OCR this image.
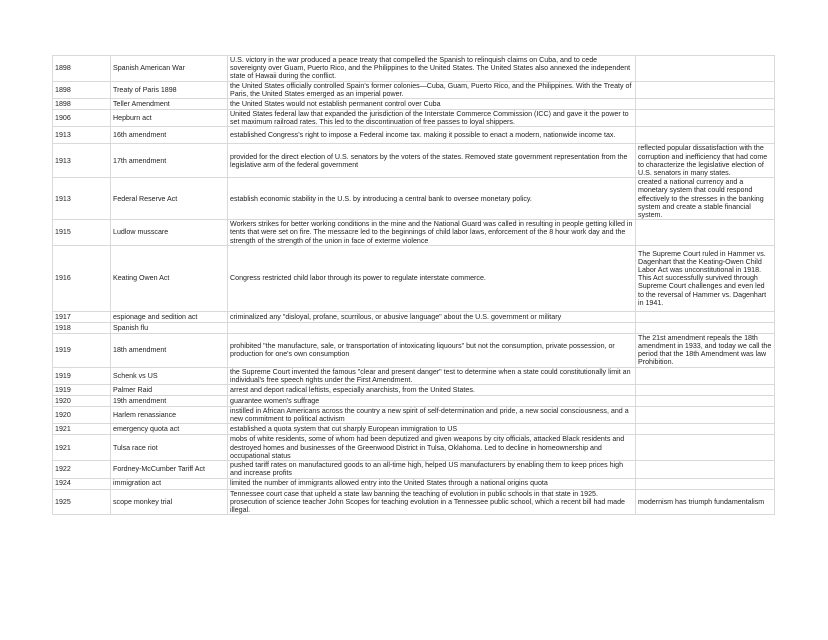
1898	Spanish American War	U.S. victory in the war produced a peace treaty that compelled the Spanish to relinquish claims on Cuba, and to cede sovereignty over Guam, Puerto Rico, and the Philippines to the United States. The United States also annexed the independent state of Hawaii during the conflict.	
1898	Treaty of Paris 1898	the United States officially controlled Spain's former colonies—Cuba, Guam, Puerto Rico, and the Philippines. With the Treaty of Paris, the United States emerged as an imperial power.	
1898	Teller Amendment	the United States would not establish permanent control over Cuba	
1906	Hepburn act	United States federal law that expanded the jurisdiction of the Interstate Commerce Commission (ICC) and gave it the power to set maximum railroad rates. This led to the discontinuation of free passes to loyal shippers.	
1913	16th amendment	established Congress's right to impose a Federal income tax. making it possible to enact a modern, nationwide income tax.	
1913	17th amendment	provided for the direct election of U.S. senators by the voters of the states. Removed state government representation from the legislative arm of the federal government	reflected popular dissatisfaction with the corruption and inefficiency that had come to characterize the legislative election of U.S. senators in many states.
1913	Federal Reserve Act	establish economic stability in the U.S. by introducing a central bank to oversee monetary policy.	created a national currency and a monetary system that could respond effectively to the stresses in the banking system and create a stable financial system.
1915	Ludlow musscare	Workers strikes for better working conditions in the mine and the National Guard was called in resulting in people getting killed in tents that were set on fire. The messacre led to the beginnings of child labor laws, enforcement of the 8 hour work day and the strength of the strength of the union in face of exterme violence	
1916	Keating Owen Act	Congress restricted child labor through its power to regulate interstate commerce.	The Supreme Court ruled in Hammer vs. Dagenhart that the Keating-Owen Child Labor Act was unconstitutional in 1918. This Act successfully survived through Supreme Court challenges and even led to the reversal of Hammer vs. Dagenhart in 1941.
1917	espionage and sedition act	criminalized any "disloyal, profane, scurrilous, or abusive language" about the U.S. government or military	
1918	Spanish flu		
1919	18th amendment	prohibited "the manufacture, sale, or transportation of intoxicating liquours" but not the consumption, private possession, or production for one's own consumption	The 21st amendment repeals the 18th amendment in 1933, and today we call the period that the 18th Amendment was law Prohibition.
1919	Schenk vs US	the Supreme Court invented the famous "clear and present danger" test to determine when a state could constitutionally limit an individual's free speech rights under the First Amendment.	
1919	Palmer Raid	arrest and deport radical leftists, especially anarchists, from the United States.	
1920	19th amendment	guarantee women's suffrage	
1920	Harlem renassiance	instilled in African Americans across the country a new spirit of self-determination and pride, a new social consciousness, and a new commitment to political activism	
1921	emergency quota act	established a quota system that cut sharply European immigration to US	
1921	Tulsa race riot	mobs of white residents, some of whom had been deputized and given weapons by city officials, attacked Black residents and destroyed homes and businesses of the Greenwood District in Tulsa, Oklahoma. Led to decline in homeownership and occupational status	
1922	Fordney-McCumber Tariff Act	pushed tariff rates on manufactured goods to an all-time high, helped US manufacturers by enabling them to keep prices high and increase profits	
1924	immigration act	limited the number of immigrants allowed entry into the United States through a national origins quota	
1925	scope monkey trial	Tennessee court case that upheld a state law banning the teaching of evolution in public schools in that state in 1925. prosecution of science teacher John Scopes for teaching evolution in a Tennessee public school, which a recent bill had made illegal.	modernism has triumph fundamentalism
